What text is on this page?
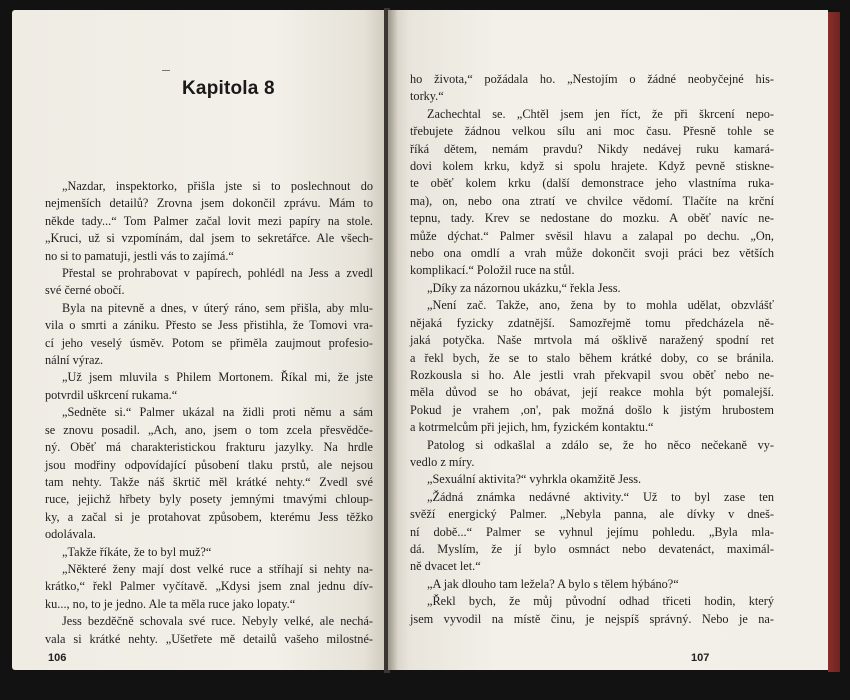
Kapitola 8
„Nazdar, inspektorko, přišla jste si to poslechnout do
nejmenších detailů? Zrovna jsem dokončil zprávu. Mám to
někde tady...“ Tom Palmer začal lovit mezi papíry na stole.
„Kruci, už si vzpomínám, dal jsem to sekretářce. Ale všech-
no si to pamatuji, jestli vás to zajímá.“
Přestal se prohrabovat v papírech, pohlédl na Jess a zvedl
své černé obočí.
Byla na pitevně a dnes, v úterý ráno, sem přišla, aby mlu-
vila o smrti a zániku. Přesto se Jess přistihla, že Tomovi vra-
cí jeho veselý úsměv. Potom se přiměla zaujmout profesio-
nální výraz.
„Už jsem mluvila s Philem Mortonem. Říkal mi, že jste
potvrdil uškrcení rukama.“
„Sedněte si.“ Palmer ukázal na židli proti němu a sám
se znovu posadil. „Ach, ano, jsem o tom zcela přesvědče-
ný. Oběť má charakteristickou frakturu jazylky. Na hrdle
jsou modřiny odpovídající působení tlaku prstů, ale nejsou
tam nehty. Takže náš škrtič měl krátké nehty.“ Zvedl své
ruce, jejichž hřbety byly posety jemnými tmavými chloup-
ky, a začal si je protahovat způsobem, kterému Jess těžko
odolávala.
„Takže říkáte, že to byl muž?“
„Některé ženy mají dost velké ruce a stříhají si nehty na-
krátko,“ řekl Palmer vyčítavě. „Kdysi jsem znal jednu dív-
ku..., no, to je jedno. Ale ta měla ruce jako lopaty.“
Jess bezděčně schovala své ruce. Nebyly velké, ale nechá-
vala si krátké nehty. „Ušetřete mě detailů vašeho milostné-
106
ho života,“ požádala ho. „Nestojím o žádné neobyčejné his-
torky.“
Zachechtal se. „Chtěl jsem jen říct, že při škrcení nepo-
třebujete žádnou velkou sílu ani moc času. Přesně tohle se
říká dětem, nemám pravdu? Nikdy nedávej ruku kamará-
dovi kolem krku, když si spolu hrajete. Když pevně stiskne-
te oběť kolem krku (další demonstrace jeho vlastníma ruka-
ma), on, nebo ona ztratí ve chvilce vědomí. Tlačíte na krční
tepnu, tady. Krev se nedostane do mozku. A oběť navíc ne-
může dýchat.“ Palmer svěsil hlavu a zalapal po dechu. „On,
nebo ona omdlí a vrah může dokončit svoji práci bez větších
komplikací.“ Položil ruce na stůl.
„Díky za názornou ukázku,“ řekla Jess.
„Není zač. Takže, ano, žena by to mohla udělat, obzvlášť
nějaká fyzicky zdatnější. Samozřejmě tomu předcházela ně-
jaká potyčka. Naše mrtvola má ošklivě naražený spodní ret
a řekl bych, že se to stalo během krátké doby, co se bránila.
Rozkousla si ho. Ale jestli vrah překvapil svou oběť nebo ne-
měla důvod se ho obávat, její reakce mohla být pomalejší.
Pokud je vrahem ,on', pak možná došlo k jistým hrubostem
a kotrmelcům při jejich, hm, fyzickém kontaktu.“
Patolog si odkašlal a zdálo se, že ho něco nečekaně vy-
vedlo z míry.
„Sexuální aktivita?“ vyhrkla okamžitě Jess.
„Žádná známka nedávné aktivity.“ Už to byl zase ten
svěží energický Palmer. „Nebyla panna, ale dívky v dneš-
ní době...“ Palmer se vyhnul jejímu pohledu. „Byla mla-
dá. Myslím, že jí bylo osmnáct nebo devatenáct, maximál-
ně dvacet let.“
„A jak dlouho tam ležela? A bylo s tělem hýbáno?“
„Řekl bych, že můj původní odhad třiceti hodin, který
jsem vyvodil na místě činu, je nejspíš správný. Nebo je na-
107
